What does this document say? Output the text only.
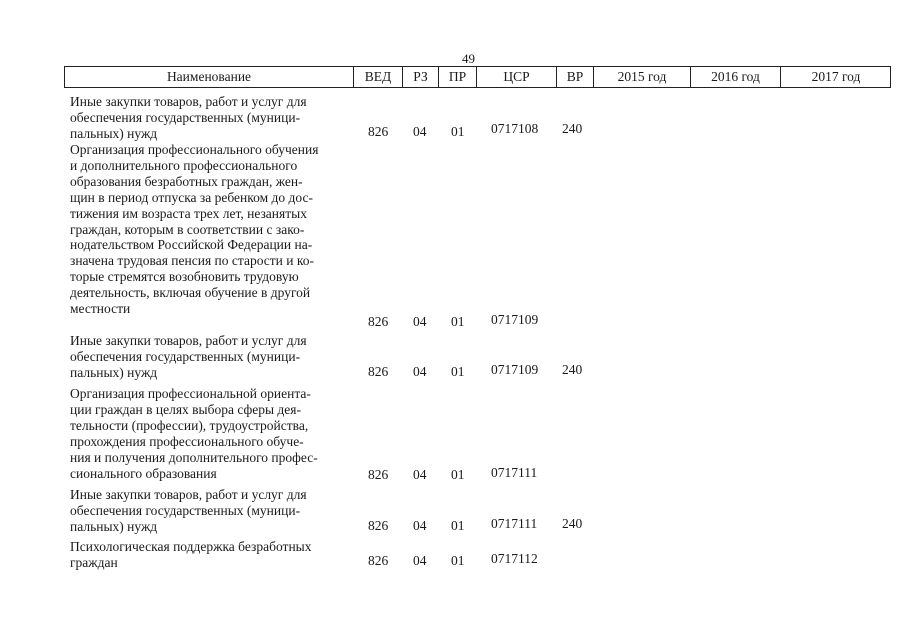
49
Наименование	ВЕД	РЗ	ПР	ЦСР	ВР	2015 год	2016 год	2017 год
Иные закупки товаров, работ и услуг для
обеспечения государственных (муници-
пальных) нужд	826 04 01 0717108 240
Организация профессионального обучения
и дополнительного профессионального
образования безработных граждан, жен-
щин в период отпуска за ребенком до дос-
тижения им возраста трех лет, незанятых
граждан, которым в соответствии с зако-
нодательством Российской Федерации на-
значена трудовая пенсия по старости и ко-
торые стремятся возобновить трудовую
деятельность, включая обучение в другой
местности
826 04 01 0717109
Иные закупки товаров, работ и услуг для
обеспечения государственных (муници-
пальных) нужд	826 04 01 0717109 240
Организация профессиональной ориента-
ции граждан в целях выбора сферы дея-
тельности (профессии), трудоустройства,
прохождения профессионального обуче-
ния и получения дополнительного профес-
сионального образования	826 04 01 0717111
Иные закупки товаров, работ и услуг для
обеспечения государственных (муници-
пальных) нужд	826 04 01 0717111 240
Психологическая поддержка безработных
граждан	826 04 01 0717112
